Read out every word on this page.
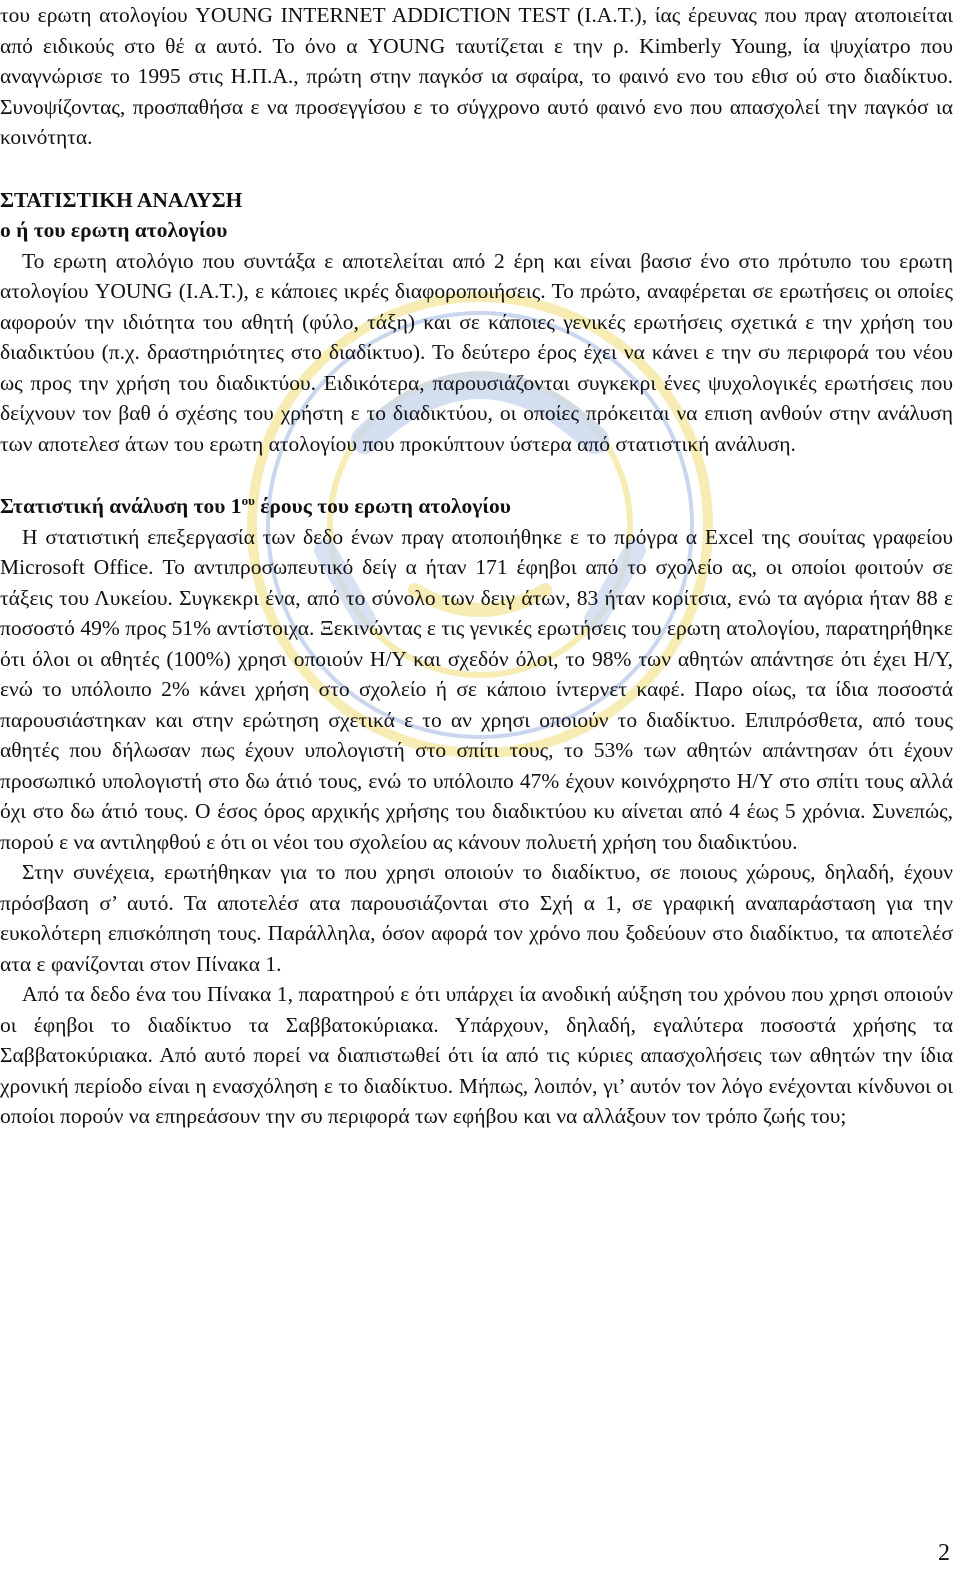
του ερωτη ατολογίου YOUNG INTERNET ADDICTION TEST (I.A.T.), ίας έρευνας που πραγ ατοποιείται από ειδικούς στο θέ α αυτό. Το όνο α YOUNG ταυτίζεται ε την ρ. Kimberly Young, ία ψυχίατρο που αναγνώρισε το 1995 στις Η.Π.Α., πρώτη στην παγκόσ ια σφαίρα, το φαινό ενο του εθισ ού στο διαδίκτυο. Συνοψίζοντας, προσπαθήσα ε να προσεγγίσου ε το σύγχρονο αυτό φαινό ενο που απασχολεί την παγκόσ ια κοινότητα.

ΣΤΑΤΙΣΤΙΚΗ ΑΝΑΛΥΣΗ
ο ή του ερωτη ατολογίου

Το ερωτη ατολόγιο που συντάξα ε αποτελείται από 2 έρη και είναι βασισ ένο στο πρότυπο του ερωτη ατολογίου YOUNG (I.A.T.), ε κάποιες ικρές διαφοροποιήσεις. Το πρώτο, αναφέρεται σε ερωτήσεις οι οποίες αφορούν την ιδιότητα του αθητή (φύλο, τάξη) και σε κάποιες γενικές ερωτήσεις σχετικά ε την χρήση του διαδικτύου (π.χ. δραστηριότητες στο διαδίκτυο). Το δεύτερο έρος έχει να κάνει ε την συ περιφορά του νέου ως προς την χρήση του διαδικτύου. Ειδικότερα, παρουσιάζονται συγκεκρι ένες ψυχολογικές ερωτήσεις που δείχνουν τον βαθ ό σχέσης του χρήστη ε το διαδικτύου, οι οποίες πρόκειται να επιση ανθούν στην ανάλυση των αποτελεσ άτων του ερωτη ατολογίου που προκύπτουν ύστερα από στατιστική ανάλυση.

Στατιστική ανάλυση του $1^{o\upsilon}$ έρους του ερωτη ατολογίου

Η στατιστική επεξεργασία των δεδο ένων πραγ ατοποιήθηκε ε το πρόγρα α Excel της σουίτας γραφείου Microsoft Office. Το αντιπροσωπευτικό δείγ α ήταν 171 έφηβοι από το σχολείο ας, οι οποίοι φοιτούν σε τάξεις του Λυκείου. Συγκεκρι ένα, από το σύνολο των δειγ άτων, 83 ήταν κορίτσια, ενώ τα αγόρια ήταν 88 ε ποσοστό 49% προς 51% αντίστοιχα. Ξεκινώντας ε τις γενικές ερωτήσεις του ερωτη ατολογίου, παρατηρήθηκε ότι όλοι οι αθητές (100%) χρησι οποιούν Η/Υ και σχεδόν όλοι, το 98% των αθητών απάντησε ότι έχει Η/Υ, ενώ το υπόλοιπο 2% κάνει χρήση στο σχολείο ή σε κάποιο ίντερνετ καφέ. Παρο οίως, τα ίδια ποσοστά παρουσιάστηκαν και στην ερώτηση σχετικά ε το αν χρησι οποιούν το διαδίκτυο. Επιπρόσθετα, από τους αθητές που δήλωσαν πως έχουν υπολογιστή στο σπίτι τους, το 53% των αθητών απάντησαν ότι έχουν προσωπικό υπολογιστή στο δω άτιό τους, ενώ το υπόλοιπο 47% έχουν κοινόχρηστο Η/Υ στο σπίτι τους αλλά όχι στο δω άτιό τους. Ο έσος όρος αρχικής χρήσης του διαδικτύου κυ αίνεται από 4 έως 5 χρόνια. Συνεπώς, πορού ε να αντιληφθού ε ότι οι νέοι του σχολείου ας κάνουν πολυετή χρήση του διαδικτύου.

Στην συνέχεια, ερωτήθηκαν για το που χρησι οποιούν το διαδίκτυο, σε ποιους χώρους, δηλαδή, έχουν πρόσβαση σ’ αυτό. Τα αποτελέσ ατα παρουσιάζονται στο Σχή α 1, σε γραφική αναπαράσταση για την ευκολότερη επισκόπηση τους. Παράλληλα, όσον αφορά τον χρόνο που ξοδεύουν στο διαδίκτυο, τα αποτελέσ ατα ε φανίζονται στον Πίνακα 1.

Από τα δεδο ένα του Πίνακα 1, παρατηρού ε ότι υπάρχει ία ανοδική αύξηση του χρόνου που χρησι οποιούν οι έφηβοι το διαδίκτυο τα Σαββατοκύριακα. Υπάρχουν, δηλαδή, εγαλύτερα ποσοστά χρήσης τα Σαββατοκύριακα. Από αυτό πορεί να διαπιστωθεί ότι ία από τις κύριες απασχολήσεις των αθητών την ίδια χρονική περίοδο είναι η ενασχόληση ε το διαδίκτυο. Μήπως, λοιπόν, γι’ αυτόν τον λόγο ενέχονται κίνδυνοι οι οποίοι πορούν να επηρεάσουν την συ περιφορά των εφήβου και να αλλάξουν τον τρόπο ζωής του;

2
